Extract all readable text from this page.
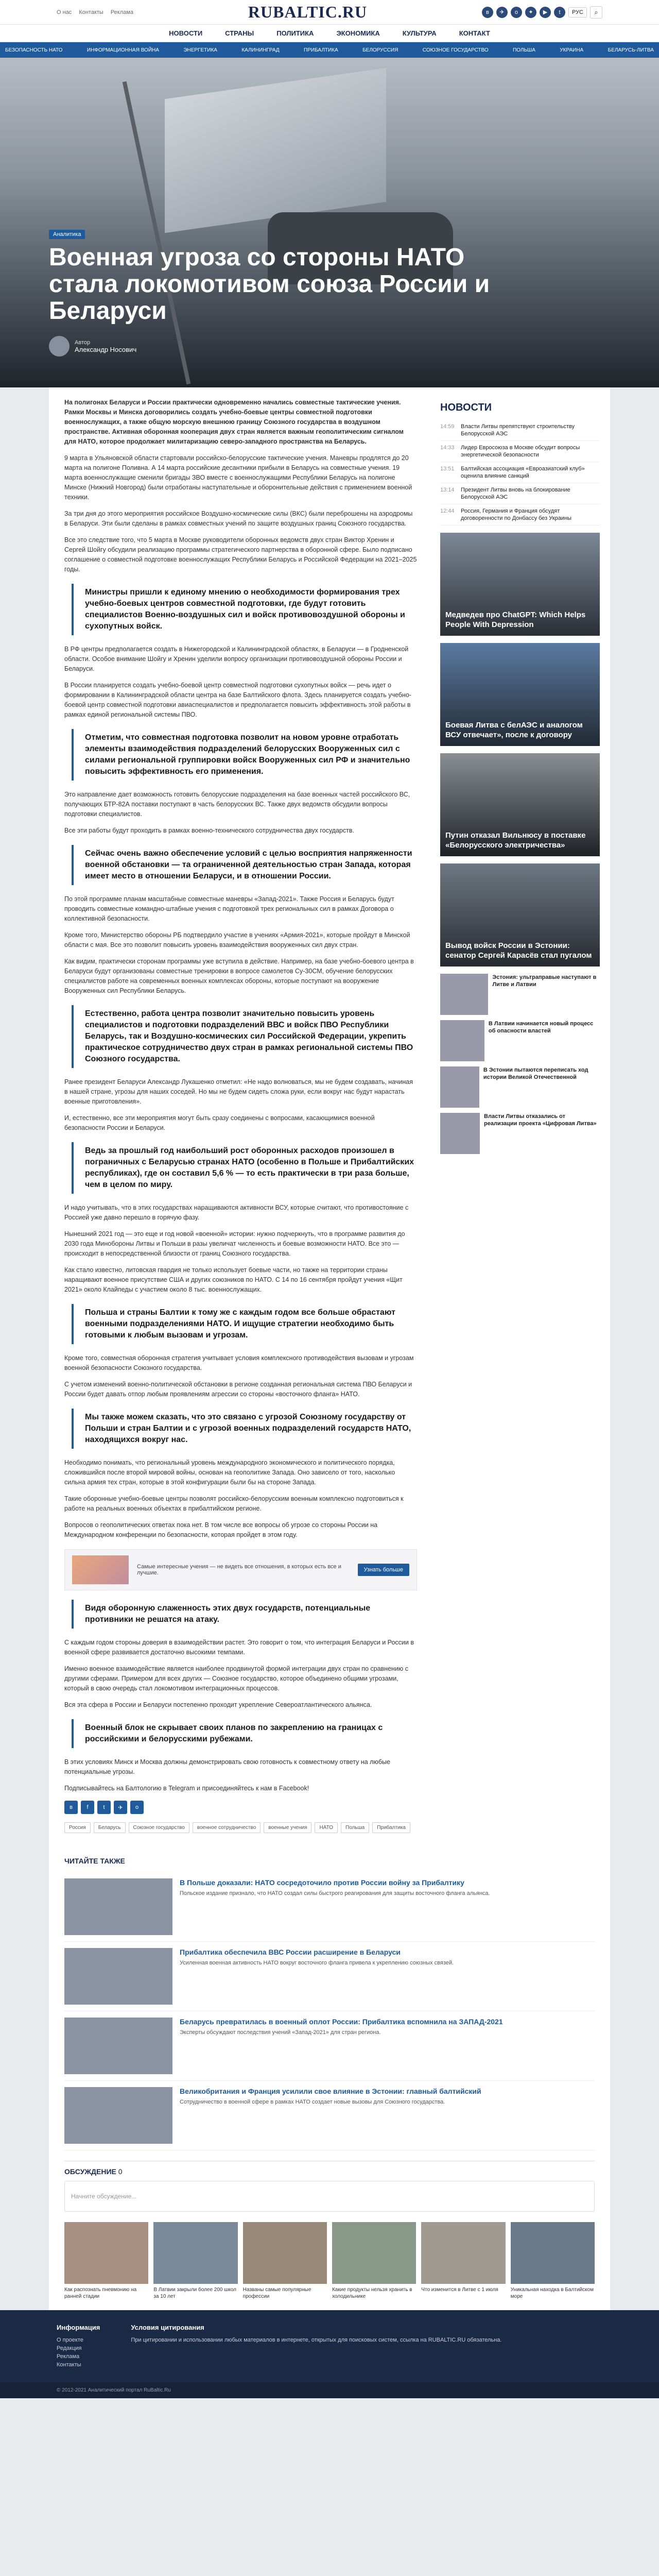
О нас Контакты Реклама	RUBALTIC.RU	в	✈	о	✦	▶	t	РУС	⌕
НОВОСТИ	СТРАНЫ	ПОЛИТИКА	ЭКОНОМИКА	КУЛЬТУРА	КОНТАКТ
БЕЗОПАСНОСТЬ НАТО	ИНФОРМАЦИОННАЯ ВОЙНА	ЭНЕРГЕТИКА	КАЛИНИНГРАД	ПРИБАЛТИКА	БЕЛОРУССИЯ	СОЮЗНОЕ ГОСУДАРСТВО	ПОЛЬША	УКРАИНА	БЕЛАРУСЬ-ЛИТВА
Аналитика
Военная угроза со стороны НАТО стала локомотивом союза России и Беларуси
Автор
Александр Носович

На полигонах Беларуси и России практически одновременно начались совместные тактические учения. Рамки Москвы и Минска договорились создать учебно-боевые центры совместной подготовки военнослужащих, а также общую морскую внешнюю границу Союзного государства в воздушном пространстве. Активная оборонная кооперация двух стран является важным геополитическим сигналом для НАТО, которое продолжает милитаризацию северо-западного пространства на Беларусь.

9 марта в Ульяновской области стартовали российско-белорусские тактические учения. Маневры продлятся до 20 марта на полигоне Поливна. А 14 марта российские десантники прибыли в Беларусь на совместные учения. 19 марта военнослужащие сменили бригады ЗВО вместе с военнослужащими Республики Беларусь на полигоне Минске (Нижний Новгород) были отработаны наступательные и оборонительные действия с применением военной техники.

За три дня до этого мероприятия российское Воздушно-космические силы (ВКС) были переброшены на аэродромы в Беларуси. Эти были сделаны в рамках совместных учений по защите воздушных границ Союзного государства.

Все это следствие того, что 5 марта в Москве руководители оборонных ведомств двух стран Виктор Хренин и Сергей Шойгу обсудили реализацию программы стратегического партнерства в оборонной сфере. Было подписано соглашение о совместной подготовке военнослужащих Республики Беларусь и Российской Федерации на 2021–2025 годы.

Министры пришли к единому мнению о необходимости формирования трех учебно-боевых центров совместной подготовки, где будут готовить специалистов Военно-воздушных сил и войск противовоздушной обороны и сухопутных войск.

В РФ центры предполагается создать в Нижегородской и Калининградской областях, в Беларуси — в Гродненской области. Особое внимание Шойгу и Хренин уделили вопросу организации противовоздушной обороны России и Беларуси.

В России планируется создать учебно-боевой центр совместной подготовки сухопутных войск — речь идет о формировании в Калининградской области центра на базе Балтийского флота. Здесь планируется создать учебно-боевой центр совместной подготовки авиаспециалистов и предполагается повысить эффективность этой работы в рамках единой региональной системы ПВО.

Отметим, что совместная подготовка позволит на новом уровне отработать элементы взаимодействия подразделений белорусских Вооруженных сил с силами региональной группировки войск Вооруженных сил РФ и значительно повысить эффективность его применения.

Это направление дает возможность готовить белорусские подразделения на базе военных частей российского ВС, получающих БТР-82А поставки поступают в часть белорусских ВС. Также двух ведомств обсудили вопросы подготовки специалистов.

Все эти работы будут проходить в рамках военно-технического сотрудничества двух государств.

Сейчас очень важно обеспечение условий с целью восприятия напряженности военной обстановки — та ограниченной деятельностью стран Запада, которая имеет место в отношении Беларуси, и в отношении России.

По этой программе планам масштабные совместные маневры «Запад-2021». Также Россия и Беларусь будут проводить совместные командно-штабные учения с подготовкой трех региональных сил в рамках Договора о коллективной безопасности.

Кроме того, Министерство обороны РБ подтвердило участие в учениях «Армия-2021», которые пройдут в Минской области с мая. Все это позволит повысить уровень взаимодействия вооруженных сил двух стран.

Как видим, практически сторонам программы уже вступила в действие. Например, на базе учебно-боевого центра в Беларуси будут организованы совместные тренировки в вопросе самолетов Су-30СМ, обучение белорусских специалистов работе на современных военных комплексах обороны, которые поступают на вооружение Вооруженных сил Республики Беларусь.

Естественно, работа центра позволит значительно повысить уровень специалистов и подготовки подразделений ВВС и войск ПВО Республики Беларусь, так и Воздушно-космических сил Российской Федерации, укрепить практическое сотрудничество двух стран в рамках региональной системы ПВО Союзного государства.

Ранее президент Беларуси Александр Лукашенко отметил: «Не надо волноваться, мы не будем создавать, начиная в нашей стране, угрозы для наших соседей. Но мы не будем сидеть сложа руки, если вокруг нас будут нарастать военные приготовления».

И, естественно, все эти мероприятия могут быть сразу соединены с вопросами, касающимися военной безопасности России и Беларуси.

Ведь за прошлый год наибольший рост оборонных расходов произошел в пограничных с Беларусью странах НАТО (особенно в Польше и Прибалтийских республиках), где он составил 5,6 % — то есть практически в три раза больше, чем в целом по миру.

И надо учитывать, что в этих государствах наращиваются активности ВСУ, которые считают, что противостояние с Россией уже давно перешло в горячую фазу.

Нынешний 2021 год — это еще и год новой «военной» истории: нужно подчеркнуть, что в программе развития до 2030 года Минобороны Литвы и Польши в разы увеличат численность и боевые возможности НАТО. Все это — происходит в непосредственной близости от границ Союзного государства.

Как стало известно, литовская гвардия не только использует боевые части, но также на территории страны наращивают военное присутствие США и других союзников по НАТО. С 14 по 16 сентября пройдут учения «Щит 2021» около Клайпеды с участием около 8 тыс. военнослужащих.

Польша и страны Балтии к тому же с каждым годом все больше обрастают военными подразделениями НАТО. И ищущие стратегии необходимо быть готовыми к любым вызовам и угрозам.

Кроме того, совместная оборонная стратегия учитывает условия комплексного противодействия вызовам и угрозам военной безопасности Союзного государства.

С учетом изменений военно-политической обстановки в регионе созданная региональная система ПВО Беларуси и России будет давать отпор любым проявлениям агрессии со стороны «восточного фланга» НАТО.

Мы также можем сказать, что это связано с угрозой Союзному государству от Польши и стран Балтии и с угрозой военных подразделений государств НАТО, находящихся вокруг нас.

Необходимо понимать, что региональный уровень международного экономического и политического порядка, сложившийся после второй мировой войны, основан на геополитике Запада. Оно зависело от того, насколько сильна армия тех стран, которые в этой конфигурации были бы на стороне Запада.

Такие оборонные учебно-боевые центры позволят российско-белорусским военным комплексно подготовиться к работе на реальных военных объектах в прибалтийском регионе.

Вопросов о геополитических ответах пока нет. В том числе все вопросы об угрозе со стороны России на Международном конференции по безопасности, которая пройдет в этом году.

Самые интересные учения — не видеть все отношения, в которых есть все и лучшие.	Узнать больше
Видя оборонную слаженность этих двух государств, потенциальные противники не решатся на атаку.

С каждым годом стороны доверия в взаимодействии растет. Это говорит о том, что интеграция Беларуси и России в военной сфере развивается достаточно высокими темпами.

Именно военное взаимодействие является наиболее продвинутой формой интеграции двух стран по сравнению с другими сферами. Примером для всех других — Союзное государство, которое объединено общими угрозами, который в свою очередь стал локомотивом интеграционных процессов.

Вся эта сфера в России и Беларуси постепенно проходит укрепление Североатлантического альянса.

Военный блок не скрывает своих планов по закреплению на границах с российскими и белорусскими рубежами.

В этих условиях Минск и Москва должны демонстрировать свою готовность к совместному ответу на любые потенциальные угрозы.

Подписывайтесь на Балтологию в Telegram и присоединяйтесь к нам в Facebook!

в	f	t	✈	о
Россия	Беларусь	Союзное государство	военное сотрудничество	военные учения	НАТО	Польша	Прибалтика
НОВОСТИ
14:59	Власти Литвы препятствуют строительству Белорусской АЭС
14:33	Лидер Евросоюза в Москве обсудит вопросы энергетической безопасности
13:51	Балтийская ассоциация «Евроазиатский клуб» оценила влияние санкций
13:14	Президент Литвы вновь на блокирование Белорусской АЭС
12:44	Россия, Германия и Франция обсудят договоренности по Донбассу без Украины
Медведев про ChatGPT: Which Helps People With Depression
Боевая Литва с белАЭС и аналогом ВСУ отвечает», после к договору
Путин отказал Вильнюсу в поставке «Белорусского электричества»
Вывод войск России в Эстонии: сенатор Сергей Карасёв стал пугалом
Эстония: ультраправые наступают в Литве и Латвии
В Латвии начинается новый процесс об опасности властей
В Эстонии пытаются переписать ход истории Великой Отечественной
Власти Литвы отказались от реализации проекта «Цифровая Литва»
ЧИТАЙТЕ ТАКЖЕ
В Польше доказали: НАТО сосредоточило против России войну за Прибалтику
Польское издание признало, что НАТО создал силы быстрого реагирования для защиты восточного фланга альянса.
Прибалтика обеспечила ВВС России расширение в Беларуси
Усиленная военная активность НАТО вокруг восточного фланга привела к укреплению союзных связей.
Беларусь превратилась в военный оплот России: Прибалтика вспомнила на ЗАПАД-2021
Эксперты обсуждают последствия учений «Запад-2021» для стран региона.
Великобритания и Франция усилили свое влияние в Эстонии: главный балтийский
Сотрудничество в военной сфере в рамках НАТО создает новые вызовы для Союзного государства.
ОБСУЖДЕНИЕ 0
Начните обсуждение...
Как распознать пневмонию на ранней стадии
В Латвии закрыли более 200 школ за 10 лет
Названы самые популярные профессии
Какие продукты нельзя хранить в холодильнике
Что изменится в Литве с 1 июля	Уникальная находка в Балтийском море
Информация
О проекте
Редакция
Реклама
Контакты
Условия цитирования
При цитировании и использовании любых материалов в интернете, открытых для поисковых систем, ссылка на RUBALTIC.RU обязательна.
© 2012-2021 Аналитический портал RuBaltic.Ru
